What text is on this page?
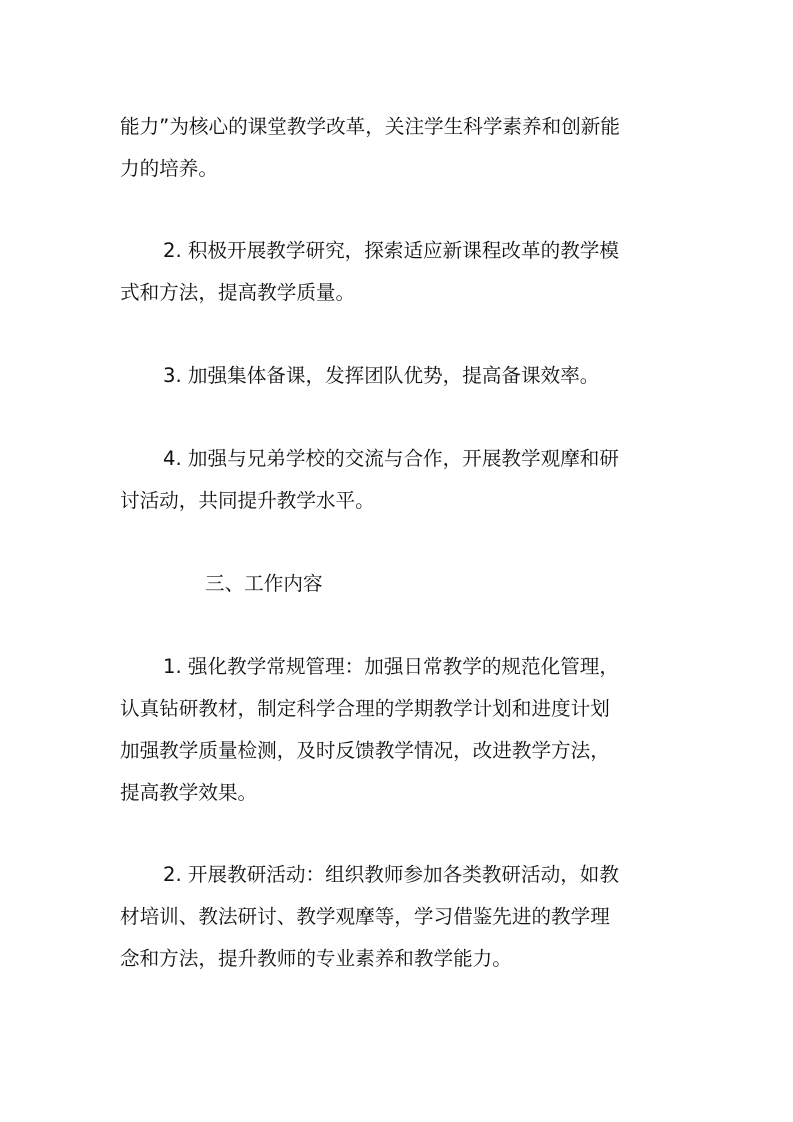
能力”为核心的课堂教学改革，关注学生科学素养和创新能
力的培养。
2. 积极开展教学研究，探索适应新课程改革的教学模
式和方法，提高教学质量。
3. 加强集体备课，发挥团队优势，提高备课效率。
4. 加强与兄弟学校的交流与合作，开展教学观摩和研
讨活动，共同提升教学水平。
三、工作内容
1. 强化教学常规管理：加强日常教学的规范化管理，
认真钻研教材，制定科学合理的学期教学计划和进度计划
加强教学质量检测，及时反馈教学情况，改进教学方法，
提高教学效果。
2. 开展教研活动：组织教师参加各类教研活动，如教
材培训、教法研讨、教学观摩等，学习借鉴先进的教学理
念和方法，提升教师的专业素养和教学能力。
